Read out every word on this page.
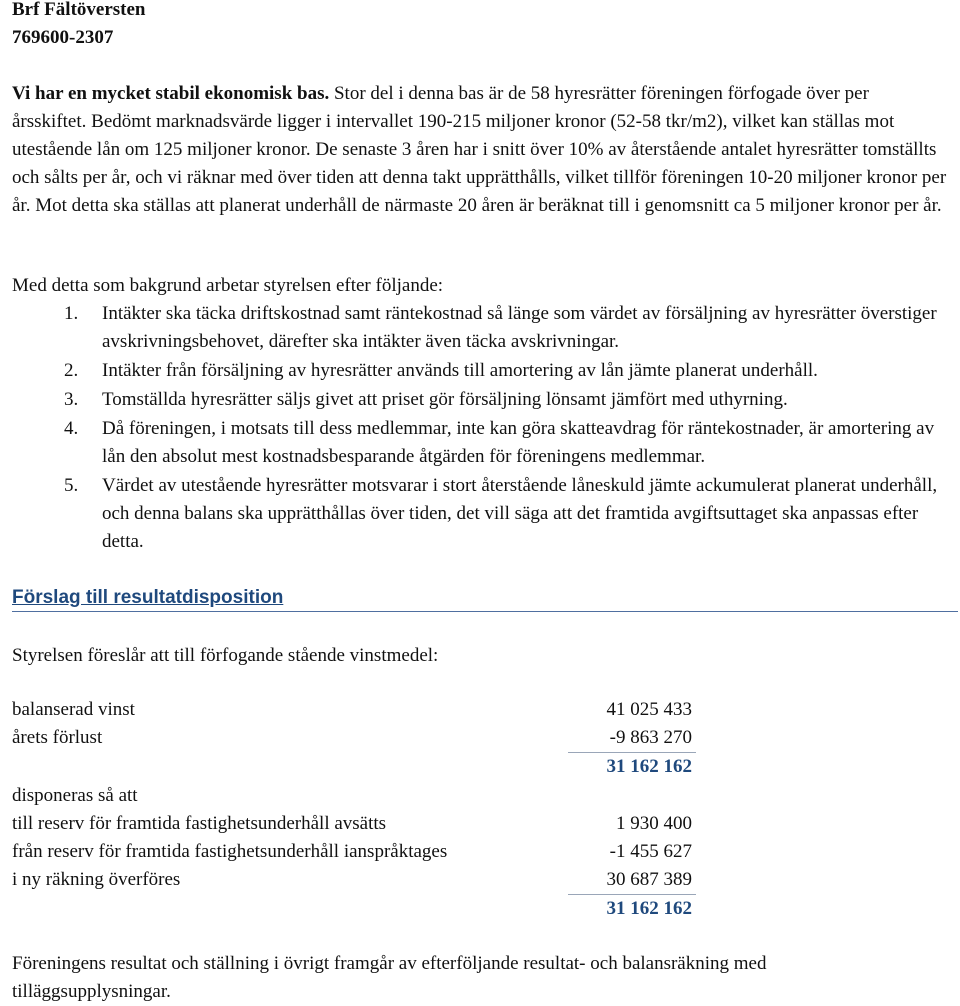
Brf Fältöversten
769600-2307

Vi har en mycket stabil ekonomisk bas. Stor del i denna bas är de 58 hyresrätter föreningen förfogade över per årsskiftet. Bedömt marknadsvärde ligger i intervallet 190-215 miljoner kronor (52-58 tkr/m2), vilket kan ställas mot utestående lån om 125 miljoner kronor. De senaste 3 åren har i snitt över 10% av återstående antalet hyresrätter tomställts och sålts per år, och vi räknar med över tiden att denna takt upprätthålls, vilket tillför föreningen 10-20 miljoner kronor per år. Mot detta ska ställas att planerat underhåll de närmaste 20 åren är beräknat till i genomsnitt ca 5 miljoner kronor per år.

Med detta som bakgrund arbetar styrelsen efter följande:

1. Intäkter ska täcka driftskostnad samt räntekostnad så länge som värdet av försäljning av hyresrätter överstiger avskrivningsbehovet, därefter ska intäkter även täcka avskrivningar.
2. Intäkter från försäljning av hyresrätter används till amortering av lån jämte planerat underhåll.
3. Tomställda hyresrätter säljs givet att priset gör försäljning lönsamt jämfört med uthyrning.
4. Då föreningen, i motsats till dess medlemmar, inte kan göra skatteavdrag för räntekostnader, är amortering av lån den absolut mest kostnadsbesparande åtgärden för föreningens medlemmar.
5. Värdet av utestående hyresrätter motsvarar i stort återstående låneskuld jämte ackumulerat planerat underhåll, och denna balans ska upprätthållas över tiden, det vill säga att det framtida avgiftsuttaget ska anpassas efter detta.
Förslag till resultatdisposition
Styrelsen föreslår att till förfogande stående vinstmedel:
balanserad vinst	41 025 433
årets förlust	-9 863 270
31 162 162
disponeras så att
till reserv för framtida fastighetsunderhåll avsätts	1 930 400
från reserv för framtida fastighetsunderhåll ianspråktages	-1 455 627
i ny räkning överföres	30 687 389
31 162 162

Föreningens resultat och ställning i övrigt framgår av efterföljande resultat- och balansräkning med tilläggsupplysningar.
